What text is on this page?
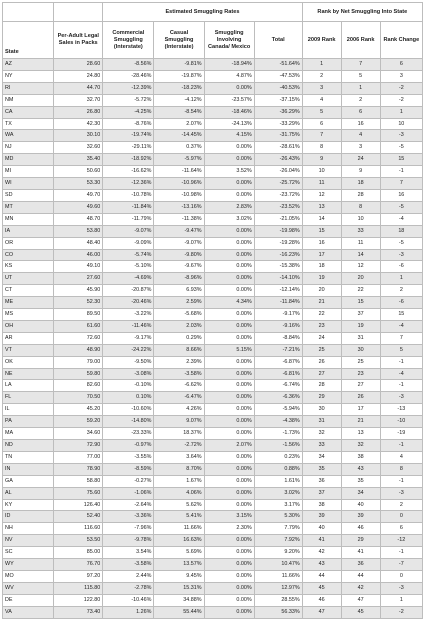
		Estimated Smuggling Rates				Rank by Net Smuggling Into State		
State	Per-Adult Legal Sales in Packs	Commercial Smuggling (Interstate)	Casual Smuggling (Interstate)	Smuggling Involving Canada/ Mexico	Total	2009 Rank	2006 Rank	Rank Change
AZ	28.60	-8.56%	-9.81%	-18.94%	-51.64%	1	7	6
NY	24.80	-28.46%	-19.87%	4.87%	-47.53%	2	5	3
RI	44.70	-12.39%	-18.23%	0.00%	-40.53%	3	1	-2
NM	32.70	-5.72%	-4.12%	-23.57%	-37.15%	4	2	-2
CA	26.80	-4.25%	-8.54%	-18.46%	-36.29%	5	6	1
TX	42.30	-8.76%	2.07%	-24.13%	-33.29%	6	16	10
WA	30.10	-19.74%	-14.45%	4.15%	-31.75%	7	4	-3
NJ	32.60	-29.11%	0.37%	0.00%	-28.61%	8	3	-5
MD	35.40	-18.92%	-5.97%	0.00%	-26.43%	9	24	15
MI	50.60	-16.62%	-11.64%	3.52%	-26.04%	10	9	-1
WI	53.30	-12.36%	-10.96%	0.00%	-25.72%	11	18	7
SD	49.70	-10.78%	-10.98%	0.00%	-23.72%	12	28	16
MT	49.60	-11.84%	-13.16%	2.83%	-23.52%	13	8	-5
MN	48.70	-11.79%	-11.38%	3.02%	-21.05%	14	10	-4
IA	53.80	-9.07%	-9.47%	0.00%	-19.98%	15	33	18
OR	48.40	-9.09%	-9.07%	0.00%	-19.28%	16	11	-5
CO	46.00	-5.74%	-9.80%	0.00%	-16.23%	17	14	-3
KS	49.10	-5.10%	-9.67%	0.00%	-15.38%	18	12	-6
UT	27.60	-4.69%	-8.96%	0.00%	-14.10%	19	20	1
CT	45.90	-20.87%	6.93%	0.00%	-12.14%	20	22	2
ME	52.30	-20.46%	2.59%	4.34%	-11.84%	21	15	-6
MS	89.50	-3.22%	-5.68%	0.00%	-9.17%	22	37	15
OH	61.60	-11.46%	2.03%	0.00%	-9.16%	23	19	-4
AR	72.60	-9.17%	0.29%	0.00%	-8.84%	24	31	7
VT	48.90	-24.22%	8.66%	5.15%	-7.21%	25	30	5
OK	79.00	-9.50%	2.39%	0.00%	-6.87%	26	25	-1
NE	59.80	-3.08%	-3.58%	0.00%	-6.81%	27	23	-4
LA	82.60	-0.10%	-6.62%	0.00%	-6.74%	28	27	-1
FL	70.50	0.10%	-6.47%	0.00%	-6.36%	29	26	-3
IL	45.20	-10.60%	4.26%	0.00%	-5.94%	30	17	-13
PA	59.20	-14.80%	9.07%	0.00%	-4.38%	31	21	-10
MA	34.60	-23.33%	18.37%	0.00%	-1.73%	32	13	-19
ND	72.90	-0.97%	-2.72%	2.07%	-1.56%	33	32	-1
TN	77.00	-3.55%	3.64%	0.00%	0.23%	34	38	4
IN	78.90	-8.59%	8.70%	0.00%	0.88%	35	43	8
GA	58.80	-0.27%	1.67%	0.00%	1.61%	36	35	-1
AL	75.60	-1.06%	4.06%	0.00%	3.02%	37	34	-3
KY	126.40	-2.64%	5.62%	0.00%	3.17%	38	40	2
ID	52.40	-3.36%	5.41%	3.15%	5.30%	39	39	0
NH	116.60	-7.96%	11.66%	2.30%	7.79%	40	46	6
NV	53.50	-9.78%	16.63%	0.00%	7.92%	41	29	-12
SC	85.00	3.54%	5.69%	0.00%	9.20%	42	41	-1
WY	76.70	-3.58%	13.57%	0.00%	10.47%	43	36	-7
MO	97.20	2.44%	9.45%	0.00%	11.66%	44	44	0
WV	115.80	-2.78%	15.31%	0.00%	12.97%	45	42	-3
DE	122.80	-10.46%	34.88%	0.00%	28.55%	46	47	1
VA	73.40	1.26%	55.44%	0.00%	56.33%	47	45	-2
